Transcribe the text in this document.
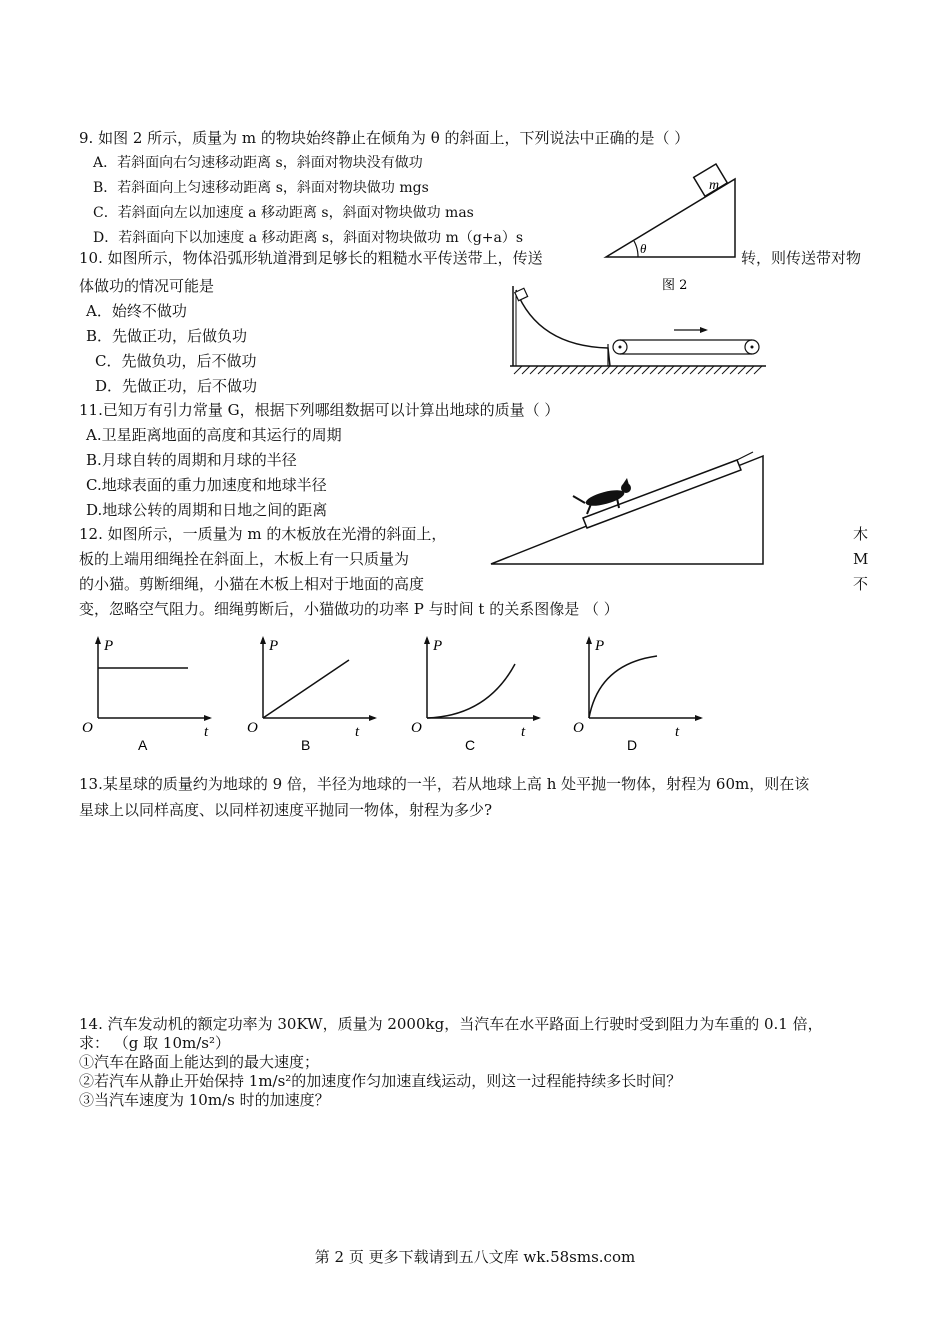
9. 如图 2 所示，质量为 m 的物块始终静止在倾角为 θ 的斜面上，下列说法中正确的是（ ）
A．若斜面向右匀速移动距离 s，斜面对物块没有做功
B．若斜面向上匀速移动距离 s，斜面对物块做功 mgs
C．若斜面向左以加速度 a 移动距离 s，斜面对物块做功 mas
D．若斜面向下以加速度 a 移动距离 s，斜面对物块做功 m（g+a）s
m
θ
图 2
10. 如图所示，物体沿弧形轨道滑到足够长的粗糙水平传送带上，传送	转，则传送带对物
体做功的情况可能是
A．始终不做功
B．先做正功，后做负功
C．先做负功，后不做功
D．先做正功，后不做功
11.已知万有引力常量 G，根据下列哪组数据可以计算出地球的质量（ ）
A.卫星距离地面的高度和其运行的周期
B.月球自转的周期和月球的半径
C.地球表面的重力加速度和地球半径
D.地球公转的周期和日地之间的距离
12. 如图所示，一质量为 m 的木板放在光滑的斜面上，	木
板的上端用细绳拴在斜面上，木板上有一只质量为	M
的小猫。剪断细绳，小猫在木板上相对于地面的高度	不
变，忽略空气阻力。细绳剪断后，小猫做功的功率 P 与时间 t 的关系图像是 （ ）
P
O	t
A
P
O	t
B
P
O	t
C
P
O	t
D
13.某星球的质量约为地球的 9 倍，半径为地球的一半，若从地球上高 h 处平抛一物体，射程为 60m，则在该
星球上以同样高度、以同样初速度平抛同一物体，射程为多少?
14. 汽车发动机的额定功率为 30KW，质量为 2000kg，当汽车在水平路面上行驶时受到阻力为车重的 0.1 倍，
求： （g 取 10m/s²）
①汽车在路面上能达到的最大速度；
②若汽车从静止开始保持 1m/s²的加速度作匀加速直线运动，则这一过程能持续多长时间？
③当汽车速度为 10m/s 时的加速度？
第 2 页 更多下载请到五八文库 wk.58sms.com
